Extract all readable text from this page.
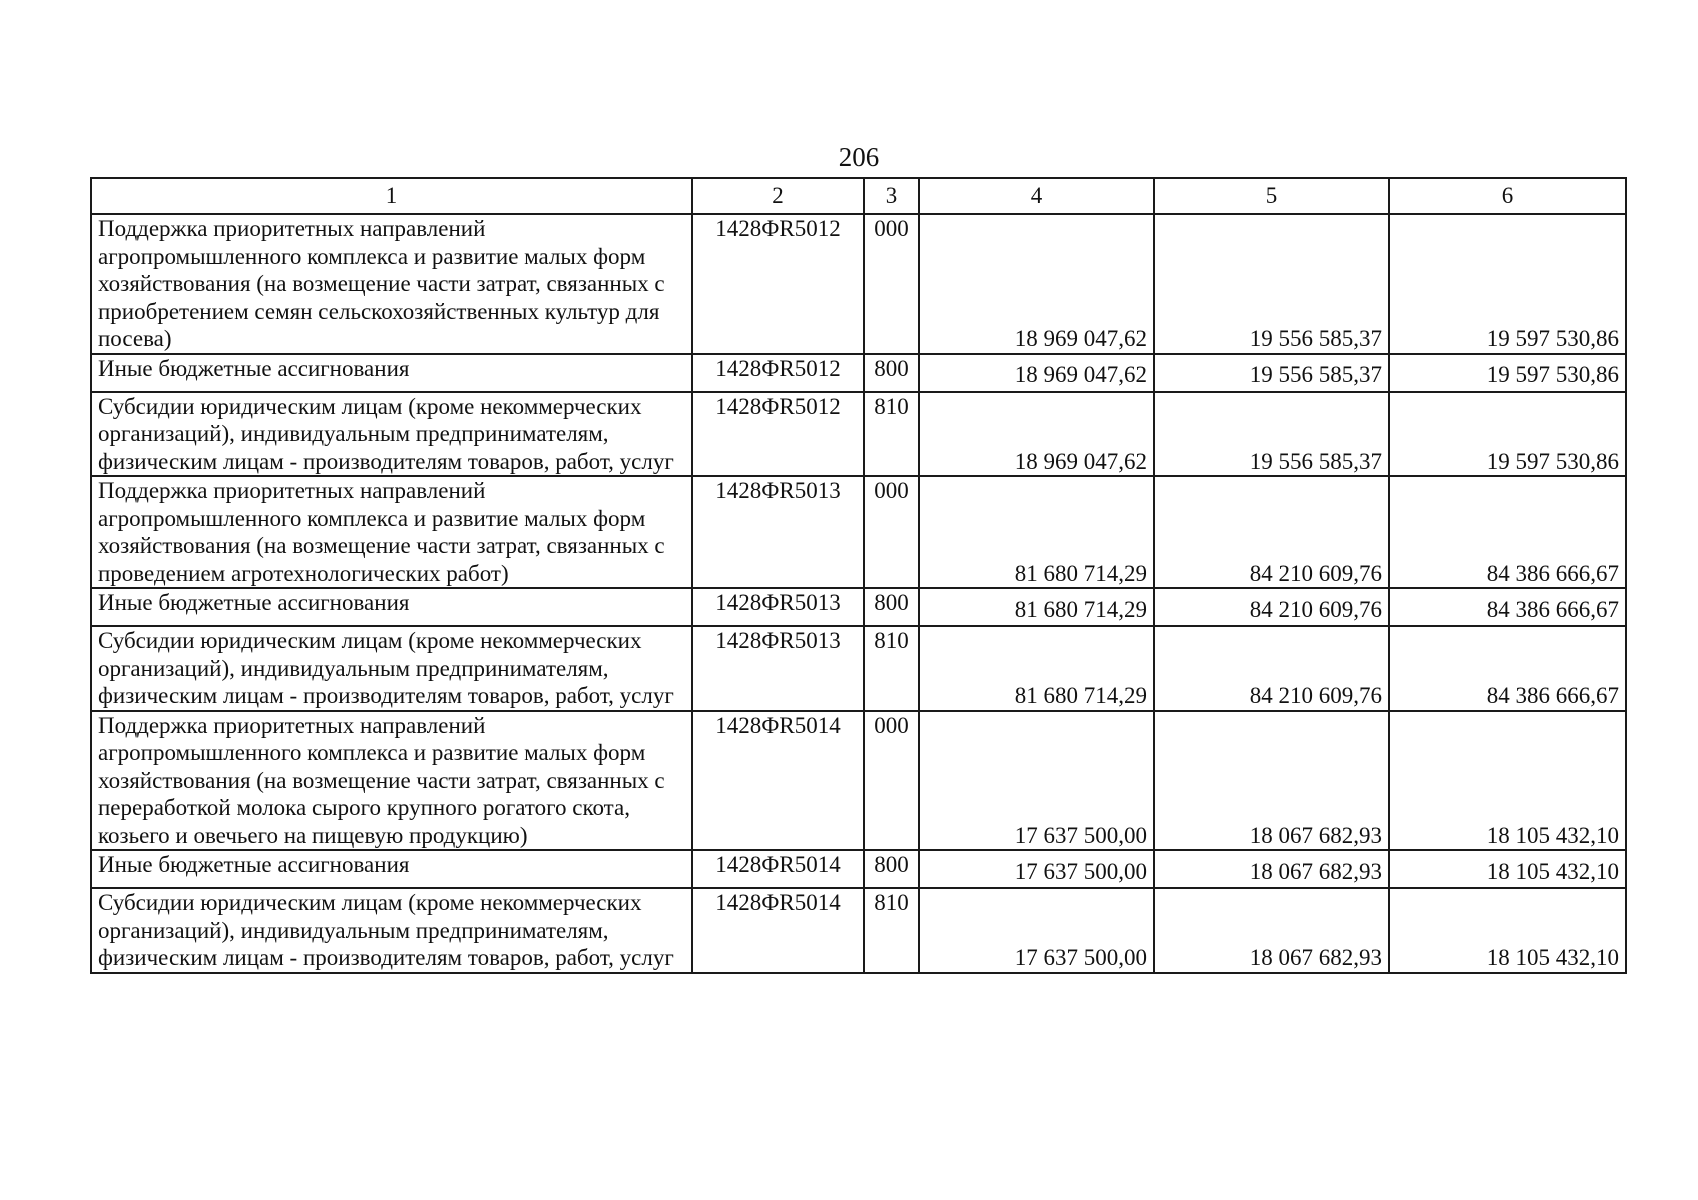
206
1	2	3	4	5	6
Поддержка приоритетных направлений агропромышленного комплекса и развитие малых форм хозяйствования (на возмещение части затрат, связанных с приобретением семян сельскохозяйственных культур для посева)	1428ФR5012	000	18 969 047,62	19 556 585,37	19 597 530,86
Иные бюджетные ассигнования	1428ФR5012	800	18 969 047,62	19 556 585,37	19 597 530,86
Субсидии юридическим лицам (кроме некоммерческих организаций), индивидуальным предпринимателям, физическим лицам - производителям товаров, работ, услуг	1428ФR5012	810	18 969 047,62	19 556 585,37	19 597 530,86
Поддержка приоритетных направлений агропромышленного комплекса и развитие малых форм хозяйствования (на возмещение части затрат, связанных с проведением агротехнологических работ)	1428ФR5013	000	81 680 714,29	84 210 609,76	84 386 666,67
Иные бюджетные ассигнования	1428ФR5013	800	81 680 714,29	84 210 609,76	84 386 666,67
Субсидии юридическим лицам (кроме некоммерческих организаций), индивидуальным предпринимателям, физическим лицам - производителям товаров, работ, услуг	1428ФR5013	810	81 680 714,29	84 210 609,76	84 386 666,67
Поддержка приоритетных направлений агропромышленного комплекса и развитие малых форм хозяйствования (на возмещение части затрат, связанных с переработкой молока сырого крупного рогатого скота, козьего и овечьего на пищевую продукцию)	1428ФR5014	000	17 637 500,00	18 067 682,93	18 105 432,10
Иные бюджетные ассигнования	1428ФR5014	800	17 637 500,00	18 067 682,93	18 105 432,10
Субсидии юридическим лицам (кроме некоммерческих организаций), индивидуальным предпринимателям, физическим лицам - производителям товаров, работ, услуг	1428ФR5014	810	17 637 500,00	18 067 682,93	18 105 432,10
